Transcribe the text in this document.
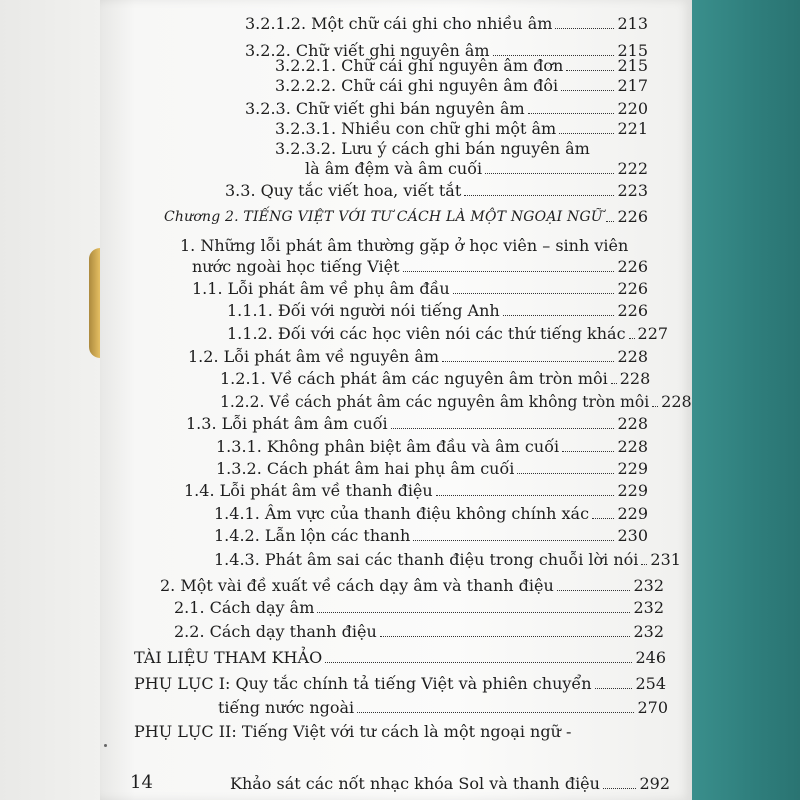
3.2.1.2. Một chữ cái ghi cho nhiều âm	213
3.2.2. Chữ viết ghi nguyên âm	215
3.2.2.1. Chữ cái ghi nguyên âm đơn	215
3.2.2.2. Chữ cái ghi nguyên âm đôi	217
3.2.3. Chữ viết ghi bán nguyên âm	220
3.2.3.1. Nhiều con chữ ghi một âm	221
3.2.3.2. Lưu ý cách ghi bán nguyên âm
là âm đệm và âm cuối	222
3.3. Quy tắc viết hoa, viết tắt	223
Chương 2. TIẾNG VIỆT VỚI TƯ CÁCH LÀ MỘT NGOẠI NGỮ 226
1. Những lỗi phát âm thường gặp ở học viên – sinh viên
nước ngoài học tiếng Việt	226
1.1. Lỗi phát âm về phụ âm đầu	226
1.1.1. Đối với người nói tiếng Anh	226
1.1.2. Đối với các học viên nói các thứ tiếng khác 227
1.2. Lỗi phát âm về nguyên âm	228
1.2.1. Về cách phát âm các nguyên âm tròn môi 228
1.2.2. Về cách phát âm các nguyên âm không tròn môi 228
1.3. Lỗi phát âm âm cuối	228
1.3.1. Không phân biệt âm đầu và âm cuối	228
1.3.2. Cách phát âm hai phụ âm cuối	229
1.4. Lỗi phát âm về thanh điệu	229
1.4.1. Âm vực của thanh điệu không chính xác 229
1.4.2. Lẫn lộn các thanh	230
1.4.3. Phát âm sai các thanh điệu trong chuỗi lời nói 231
2. Một vài đề xuất về cách dạy âm và thanh điệu	232
2.1. Cách dạy âm	232
2.2. Cách dạy thanh điệu	232
TÀI LIỆU THAM KHẢO	246
PHỤ LỤC I: Quy tắc chính tả tiếng Việt và phiên chuyển	254
tiếng nước ngoài	270
PHỤ LỤC II: Tiếng Việt với tư cách là một ngoại ngữ -
Khảo sát các nốt nhạc khóa Sol và thanh điệu 292
14
